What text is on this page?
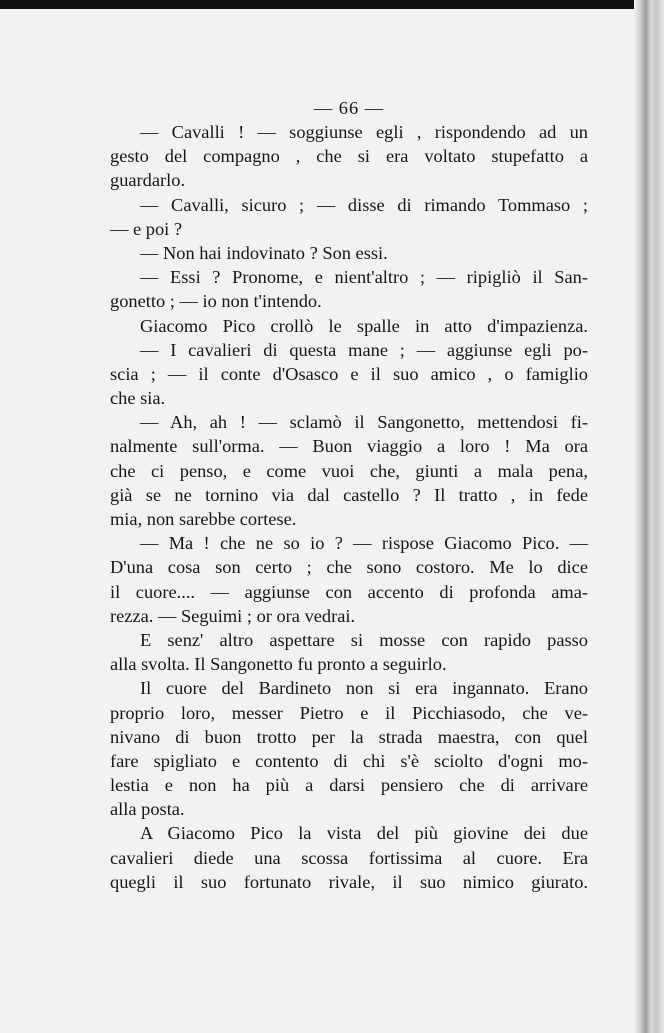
— 66 —
— Cavalli ! — soggiunse egli , rispondendo ad un
gesto del compagno , che si era voltato stupefatto a
guardarlo.
— Cavalli, sicuro ; — disse di rimando Tommaso ;
— e poi ?
— Non hai indovinato ? Son essi.
— Essi ? Pronome, e nient'altro ; — ripigliò il San-
gonetto ; — io non t'intendo.
Giacomo Pico crollò le spalle in atto d'impazienza.
— I cavalieri di questa mane ; — aggiunse egli po-
scia ; — il conte d'Osasco e il suo amico , o famiglio
che sia.
— Ah, ah ! — sclamò il Sangonetto, mettendosi fi-
nalmente sull'orma. — Buon viaggio a loro ! Ma ora
che ci penso, e come vuoi che, giunti a mala pena,
già se ne tornino via dal castello ? Il tratto , in fede
mia, non sarebbe cortese.
— Ma ! che ne so io ? — rispose Giacomo Pico. —
D'una cosa son certo ; che sono costoro. Me lo dice
il cuore.... — aggiunse con accento di profonda ama-
rezza. — Seguimi ; or ora vedrai.
E senz' altro aspettare si mosse con rapido passo
alla svolta. Il Sangonetto fu pronto a seguirlo.
Il cuore del Bardineto non si era ingannato. Erano
proprio loro, messer Pietro e il Picchiasodo, che ve-
nivano di buon trotto per la strada maestra, con quel
fare spigliato e contento di chi s'è sciolto d'ogni mo-
lestia e non ha più a darsi pensiero che di arrivare
alla posta.
A Giacomo Pico la vista del più giovine dei due
cavalieri diede una scossa fortissima al cuore. Era
quegli il suo fortunato rivale, il suo nimico giurato.
